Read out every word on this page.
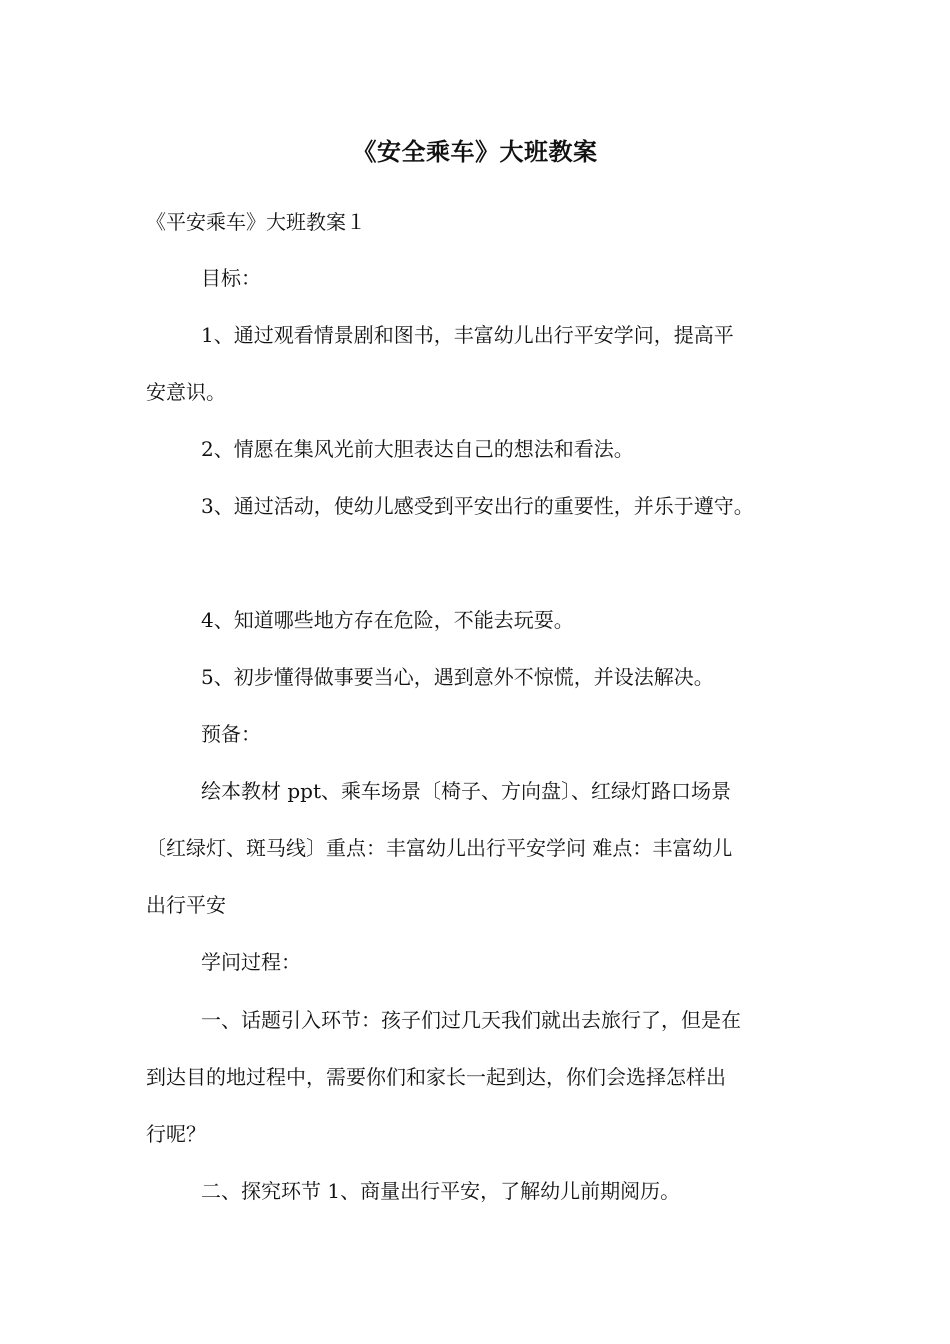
《安全乘车》大班教案
《平安乘车》大班教案１
目标：
1、通过观看情景剧和图书，丰富幼儿出行平安学问，提高平
安意识。
2、情愿在集风光前大胆表达自己的想法和看法。
3、通过活动，使幼儿感受到平安出行的重要性，并乐于遵守。
4、知道哪些地方存在危险，不能去玩耍。
5、初步懂得做事要当心，遇到意外不惊慌，并设法解决。
预备：
绘本教材 ppt、乘车场景〔椅子、方向盘〕、红绿灯路口场景
〔红绿灯、斑马线〕重点：丰富幼儿出行平安学问 难点：丰富幼儿
出行平安
学问过程：
一、话题引入环节：孩子们过几天我们就出去旅行了，但是在
到达目的地过程中，需要你们和家长一起到达，你们会选择怎样出
行呢？
二、探究环节 1、商量出行平安，了解幼儿前期阅历。
